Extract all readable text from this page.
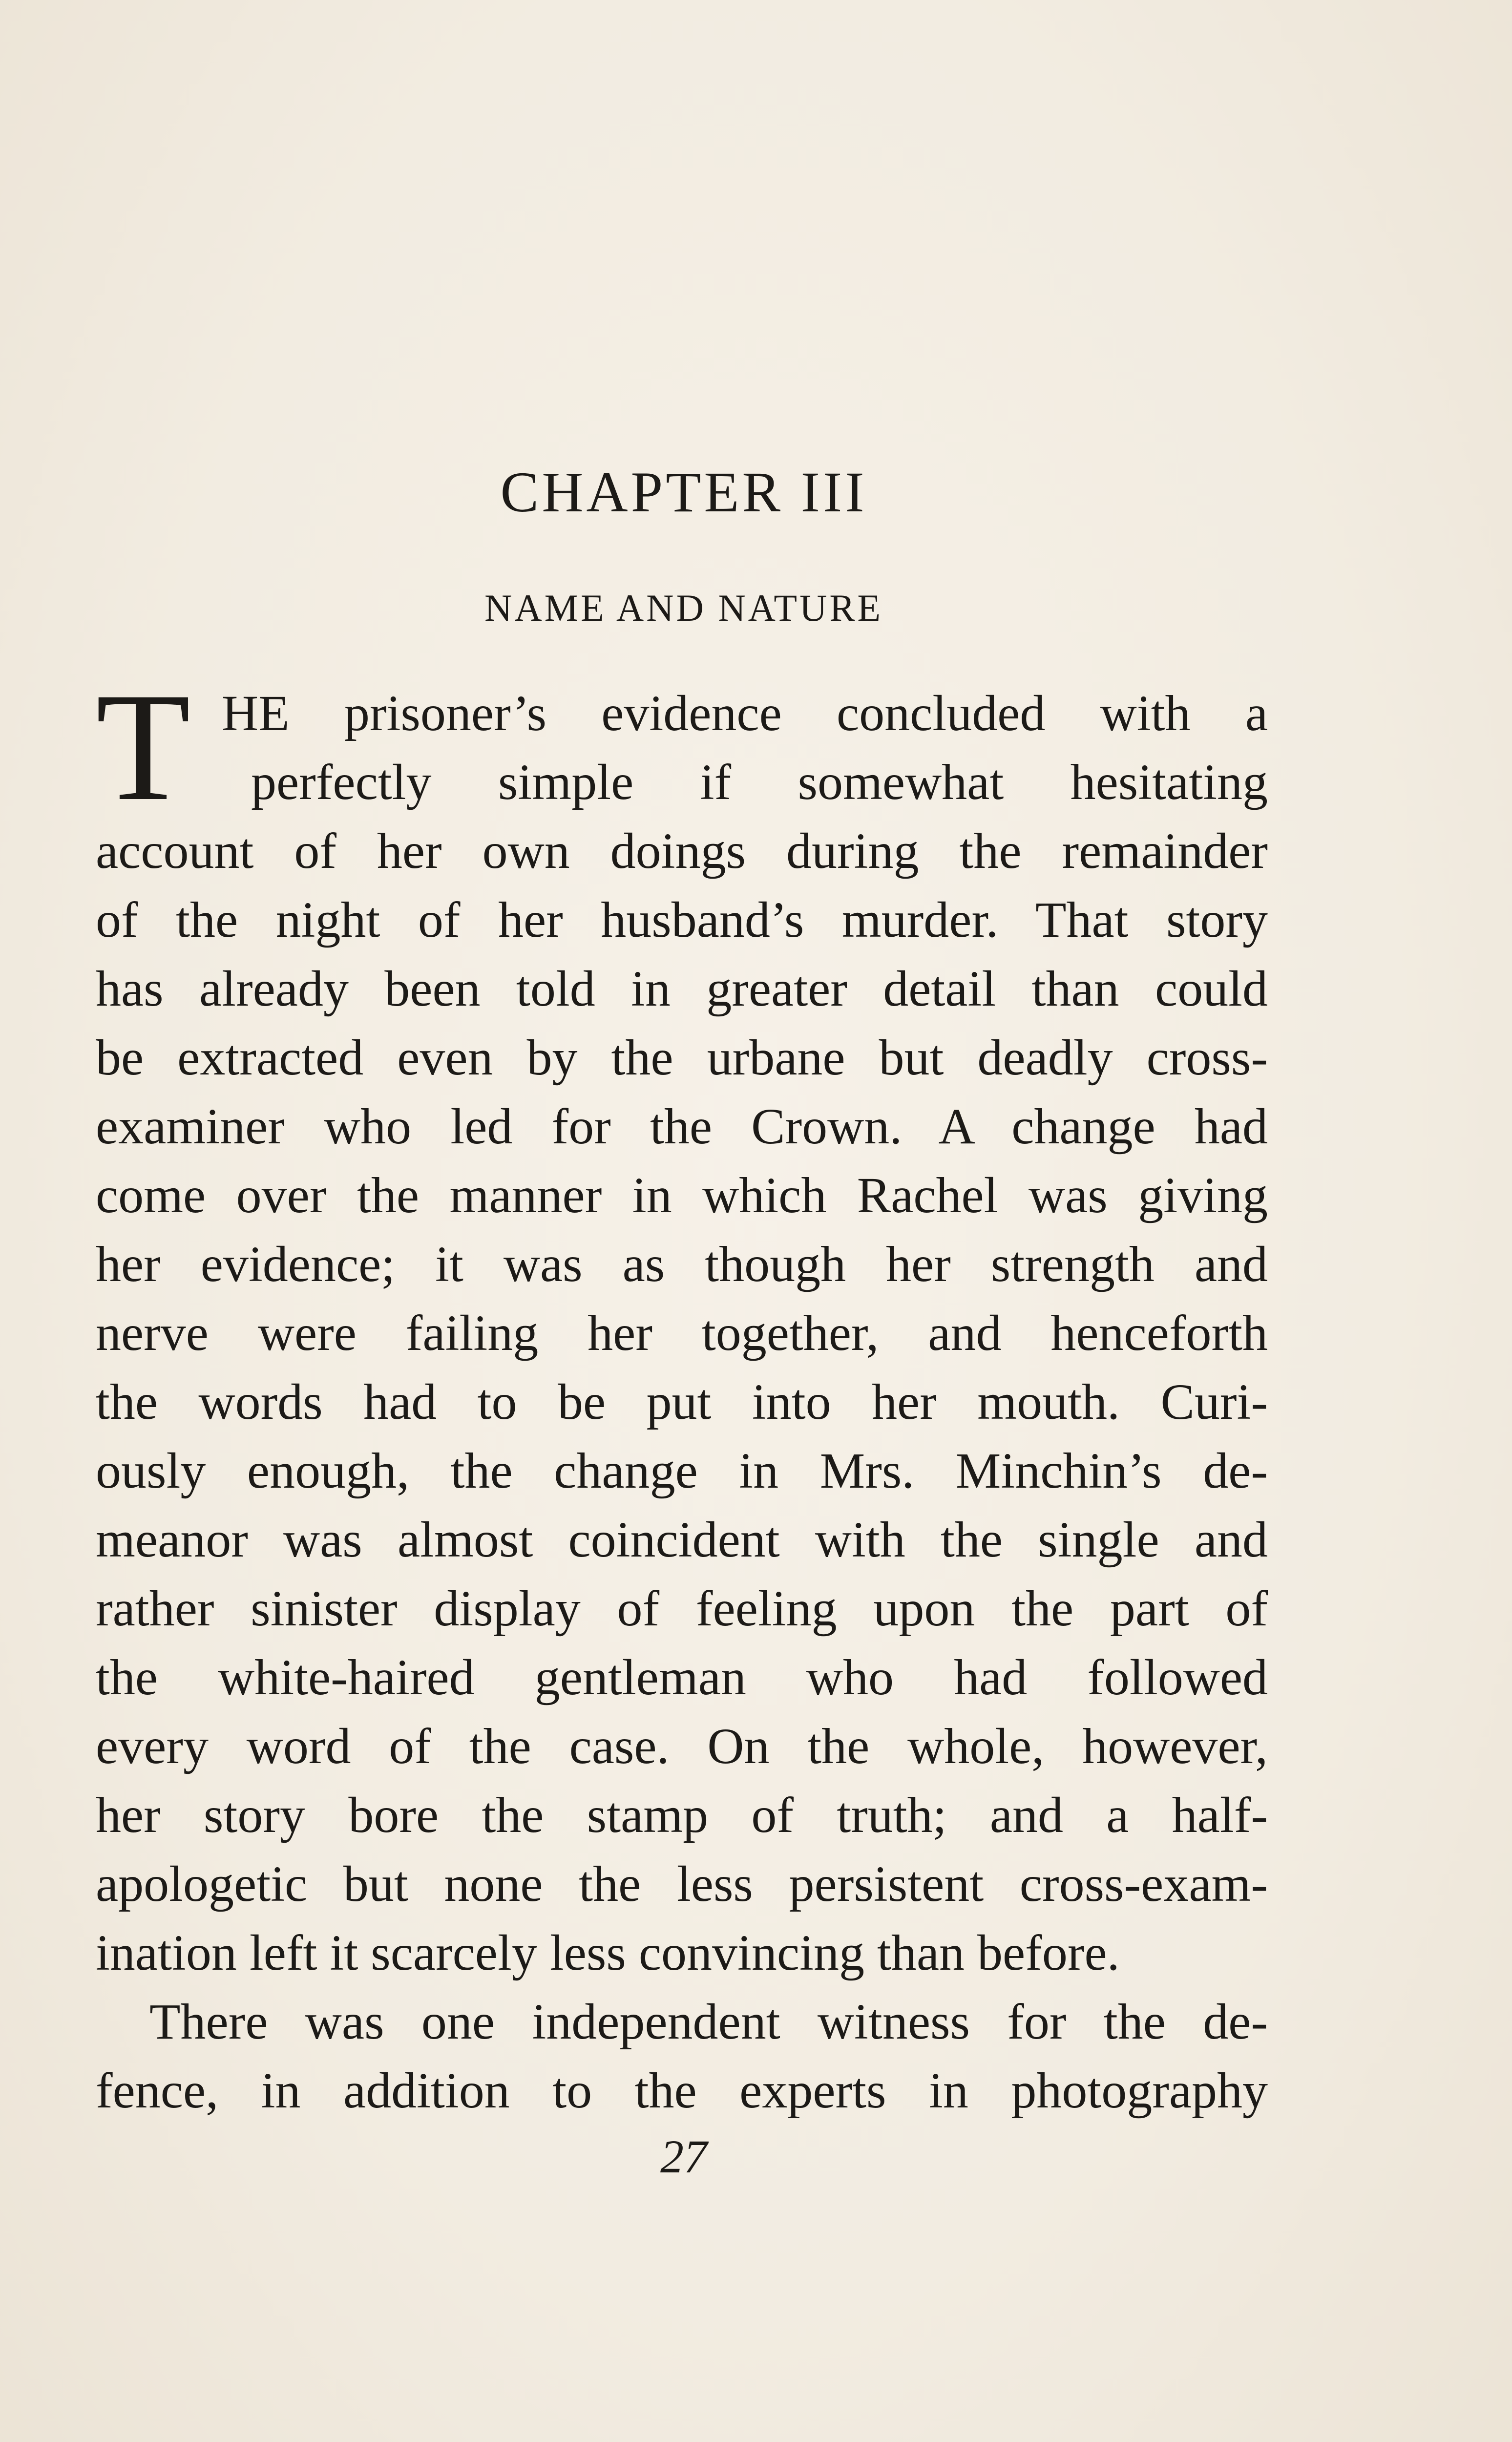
CHAPTER III
NAME AND NATURE
T HE prisoner’s evidence concluded with a
perfectly simple if somewhat hesitating
account of her own doings during the remainder
of the night of her husband’s murder. That story
has already been told in greater detail than could
be extracted even by the urbane but deadly cross-
examiner who led for the Crown. A change had
come over the manner in which Rachel was giving
her evidence; it was as though her strength and
nerve were failing her together, and henceforth
the words had to be put into her mouth. Curi-
ously enough, the change in Mrs. Minchin’s de-
meanor was almost coincident with the single and
rather sinister display of feeling upon the part of
the white-haired gentleman who had followed
every word of the case. On the whole, however,
her story bore the stamp of truth; and a half-
apologetic but none the less persistent cross-exam-
ination left it scarcely less convincing than before.
There was one independent witness for the de-
fence, in addition to the experts in photography
27
